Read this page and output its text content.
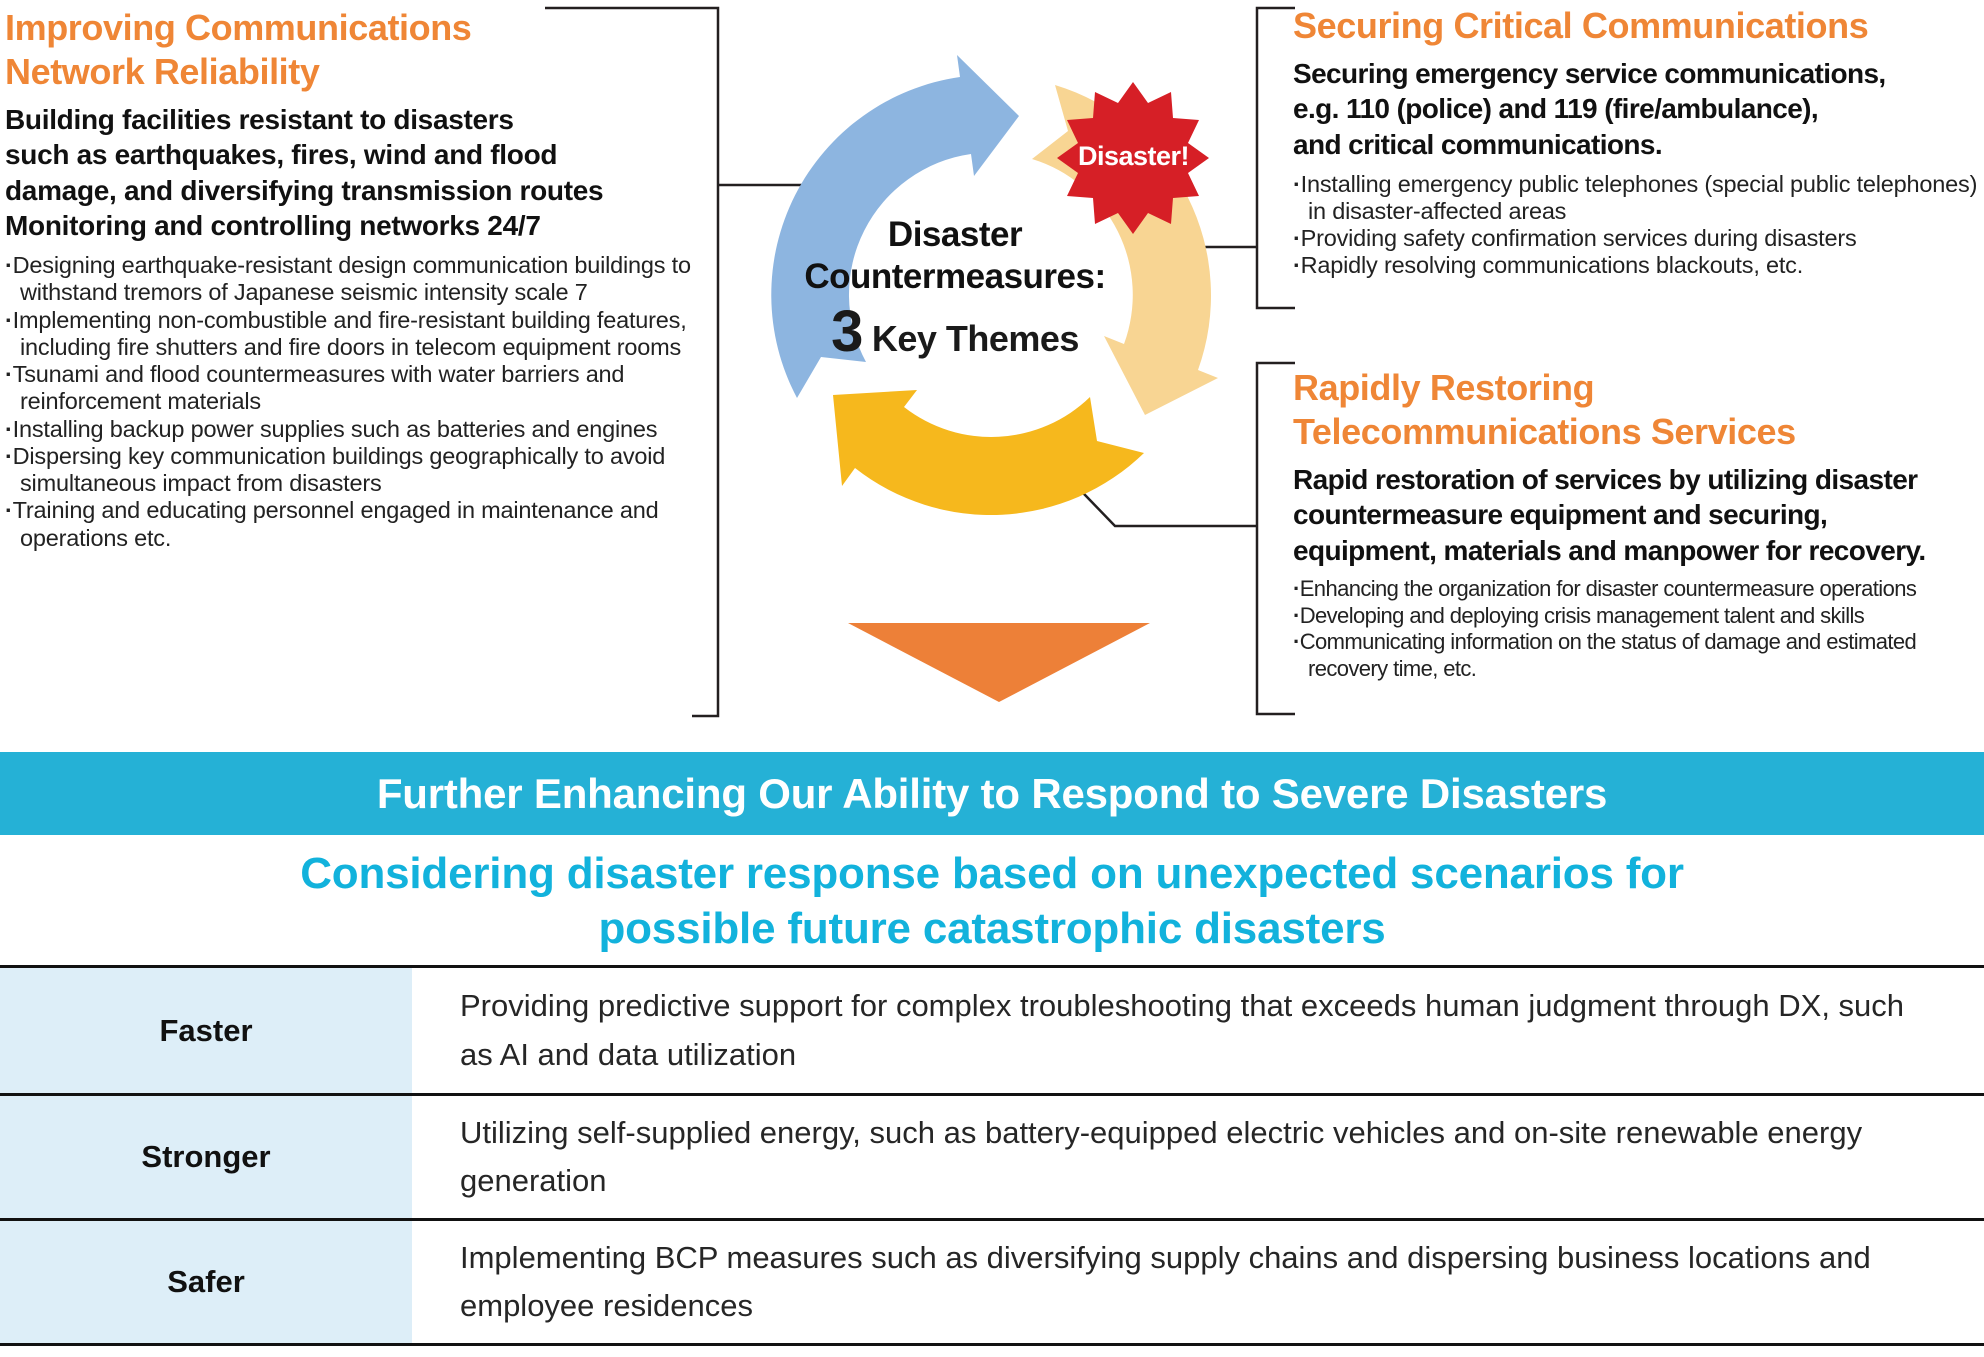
Improving Communications
Network Reliability
Building facilities resistant to disasters
such as earthquakes, fires, wind and flood
damage, and diversifying transmission routes
Monitoring and controlling networks 24/7
· Designing earthquake-resistant design communication buildings to withstand tremors of Japanese seismic intensity scale 7
· Implementing non-combustible and fire-resistant building features, including fire shutters and fire doors in telecom equipment rooms
· Tsunami and flood countermeasures with water barriers and reinforcement materials
· Installing backup power supplies such as batteries and engines
· Dispersing key communication buildings geographically to avoid simultaneous impact from disasters
· Training and educating personnel engaged in maintenance and operations etc.
Disaster
Countermeasures:
3 Key Themes
Disaster!
Securing Critical Communications
Securing emergency service communications,
e.g. 110 (police) and 119 (fire/ambulance),
and critical communications.
· Installing emergency public telephones (special public telephones) in disaster-affected areas
· Providing safety confirmation services during disasters
· Rapidly resolving communications blackouts, etc.
Rapidly Restoring
Telecommunications Services
Rapid restoration of services by utilizing disaster
countermeasure equipment and securing,
equipment, materials and manpower for recovery.
· Enhancing the organization for disaster countermeasure operations
· Developing and deploying crisis management talent and skills
· Communicating information on the status of damage and estimated recovery time, etc.
Further Enhancing Our Ability to Respond to Severe Disasters
Considering disaster response based on unexpected scenarios for
possible future catastrophic disasters
Faster
Providing predictive support for complex troubleshooting that exceeds human judgment through DX, such as AI and data utilization
Stronger
Utilizing self-supplied energy, such as battery-equipped electric vehicles and on-site renewable energy generation
Safer
Implementing BCP measures such as diversifying supply chains and dispersing business locations and employee residences
